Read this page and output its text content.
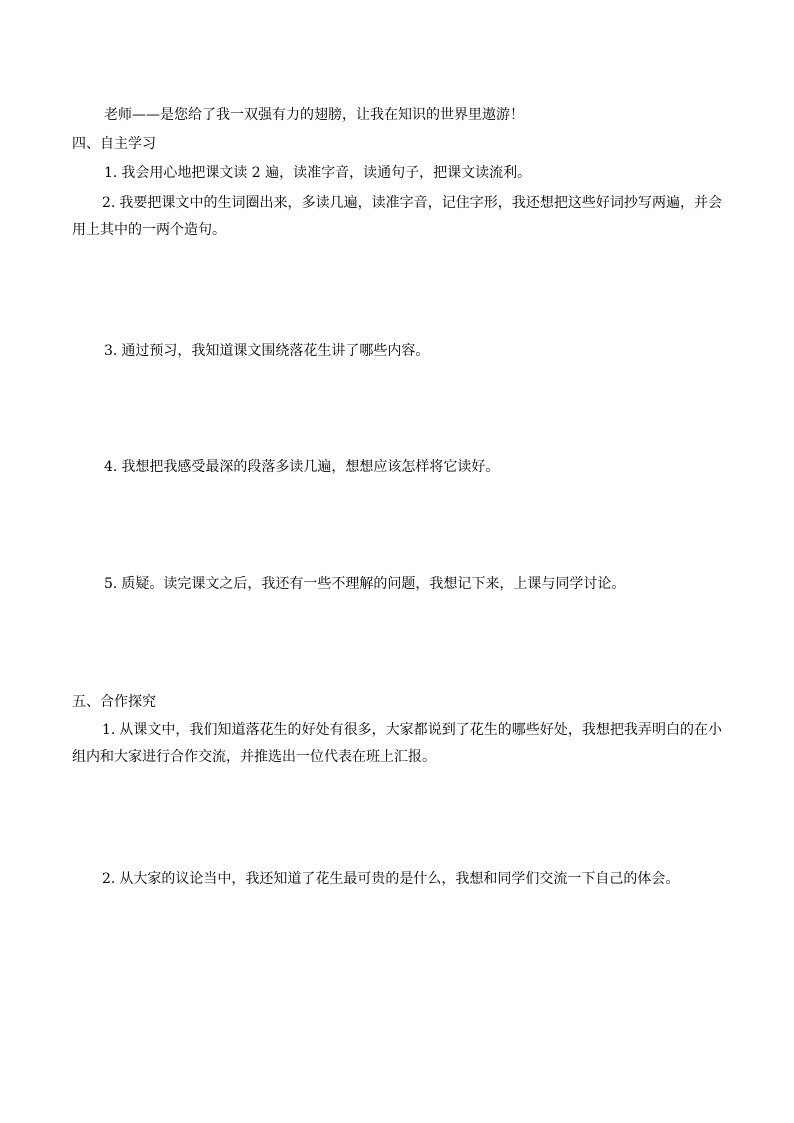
老师——是您给了我一双强有力的翅膀，让我在知识的世界里遨游！
四、自主学习
1. 我会用心地把课文读 2 遍，读准字音，读通句子，把课文读流利。
2. 我要把课文中的生词圈出来，多读几遍，读准字音，记住字形，我还想把这些好词抄写两遍，并会用上其中的一两个造句。
3. 通过预习，我知道课文围绕落花生讲了哪些内容。
4. 我想把我感受最深的段落多读几遍，想想应该怎样将它读好。
5. 质疑。读完课文之后，我还有一些不理解的问题，我想记下来，上课与同学讨论。
五、合作探究
1. 从课文中，我们知道落花生的好处有很多，大家都说到了花生的哪些好处，我想把我弄明白的在小组内和大家进行合作交流，并推选出一位代表在班上汇报。
2. 从大家的议论当中，我还知道了花生最可贵的是什么，我想和同学们交流一下自己的体会。
